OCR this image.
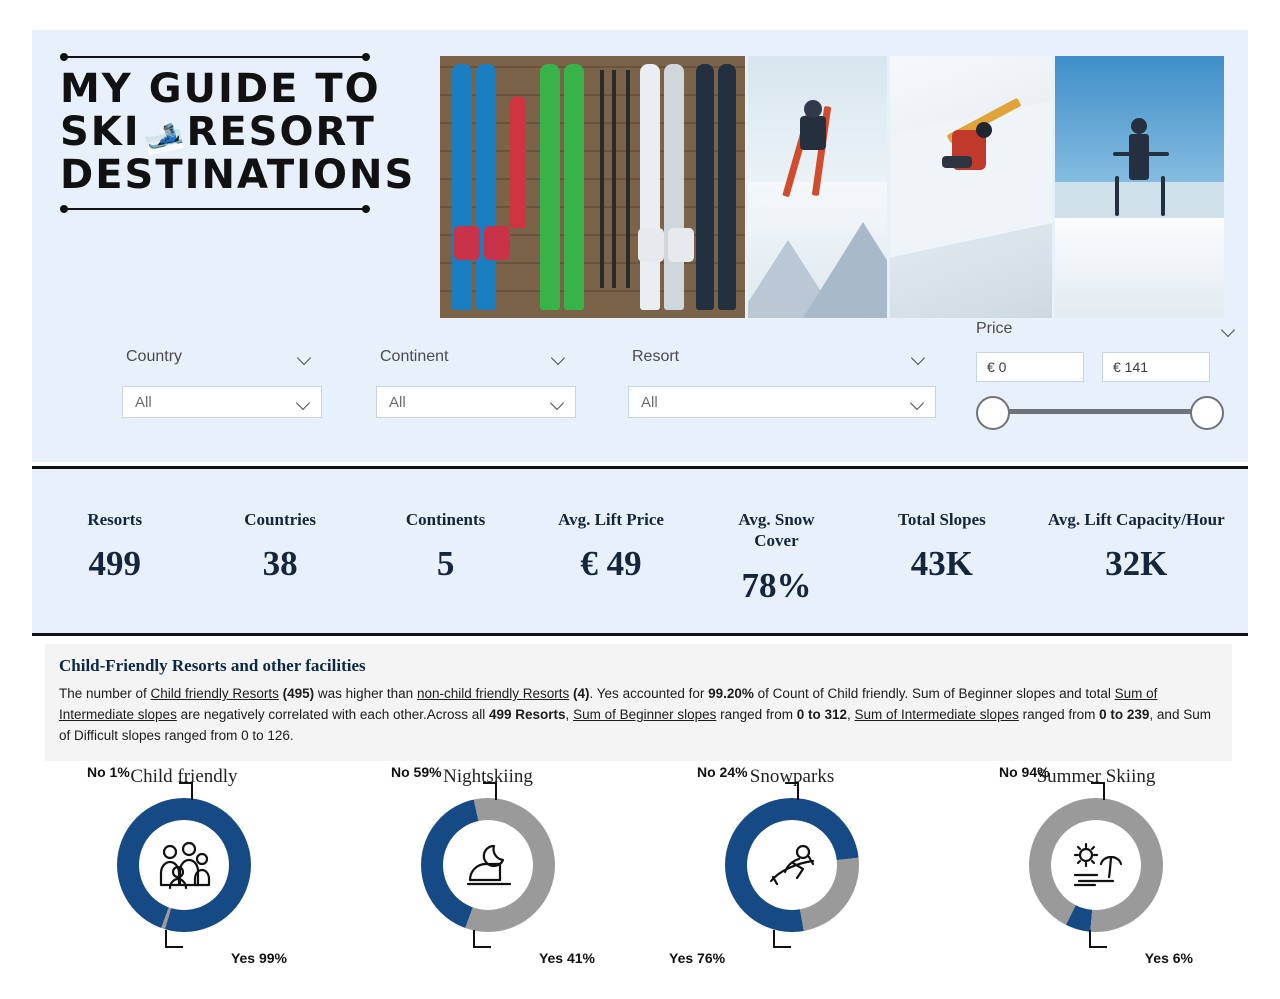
MY GUIDE TO
SKI🎿RESORT
DESTINATIONS
Country
All
Continent
All
Resort
All
Price
€ 0	€ 141
Resorts
499
Countries
38
Continents
5
Avg. Lift Price
€ 49
Avg. Snow Cover
78%
Total Slopes
43K
Avg. Lift Capacity/Hour
32K
Child-Friendly Resorts and other facilities

The number of Child friendly Resorts (495) was higher than non-child friendly Resorts (4). Yes accounted for 99.20% of Count of Child friendly. Sum of Beginner slopes and total Sum of Intermediate slopes are negatively correlated with each other.Across all 499 Resorts, Sum of Beginner slopes ranged from 0 to 312, Sum of Intermediate slopes ranged from 0 to 239, and Sum of Difficult slopes ranged from 0 to 126.

Child friendly
No 1%
Yes 99%
Nightskiing
No 59%
Yes 41%
Snowparks
No 24%
Yes 76%
Summer Skiing
No 94%
Yes 6%
